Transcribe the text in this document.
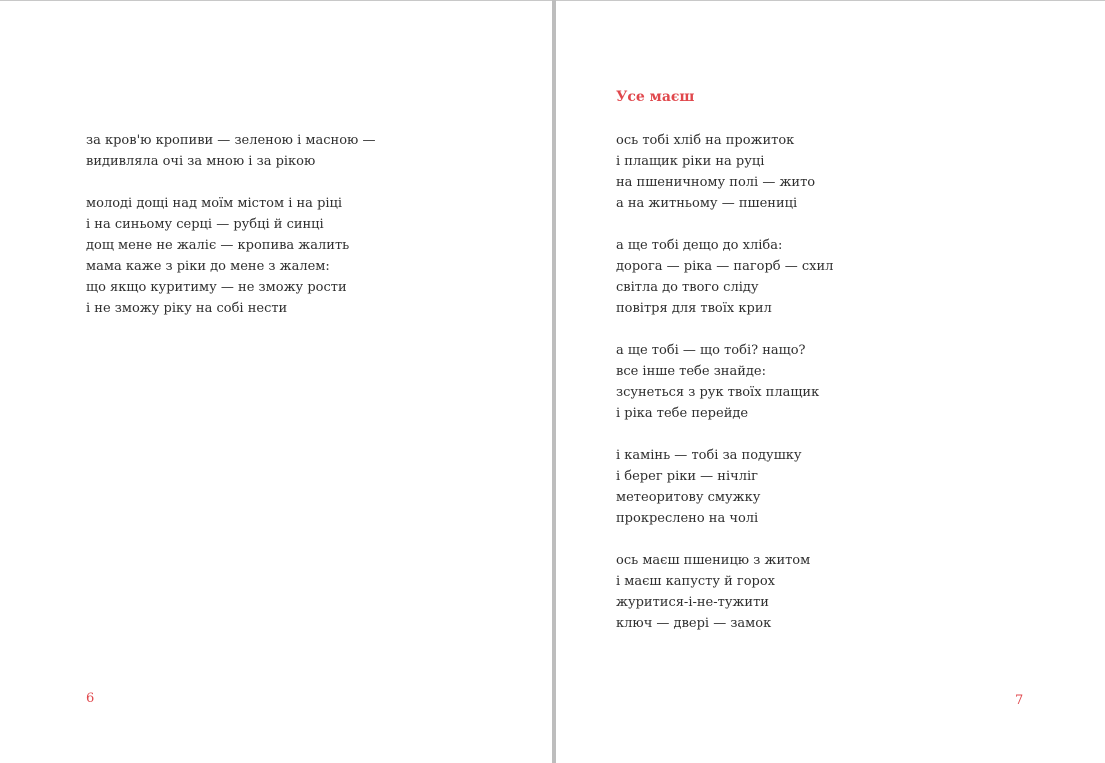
за кров'ю кропиви — зеленою і масною —
видивляла очі за мною і за рікою
молоді дощі над моїм містом і на ріці
і на синьому серці — рубці й синці
дощ мене не жаліє — кропива жалить
мама каже з ріки до мене з жалем:
що якщо куритиму — не зможу рости
і не зможу ріку на собі нести
6
Усе маєш
ось тобі хліб на прожиток
і плащик ріки на руці
на пшеничному полі — жито
а на житньому — пшениці
а ще тобі дещо до хліба:
дорога — ріка — пагорб — схил
світла до твого сліду
повітря для твоїх крил
а ще тобі — що тобі? нащо?
все інше тебе знайде:
зсунеться з рук твоїх плащик
і ріка тебе перейде
і камінь — тобі за подушку
і берег ріки — нічліг
метеоритову смужку
прокреслено на чолі
ось маєш пшеницю з житом
і маєш капусту й горох
журитися-і-не-тужити
ключ — двері — замок
7
